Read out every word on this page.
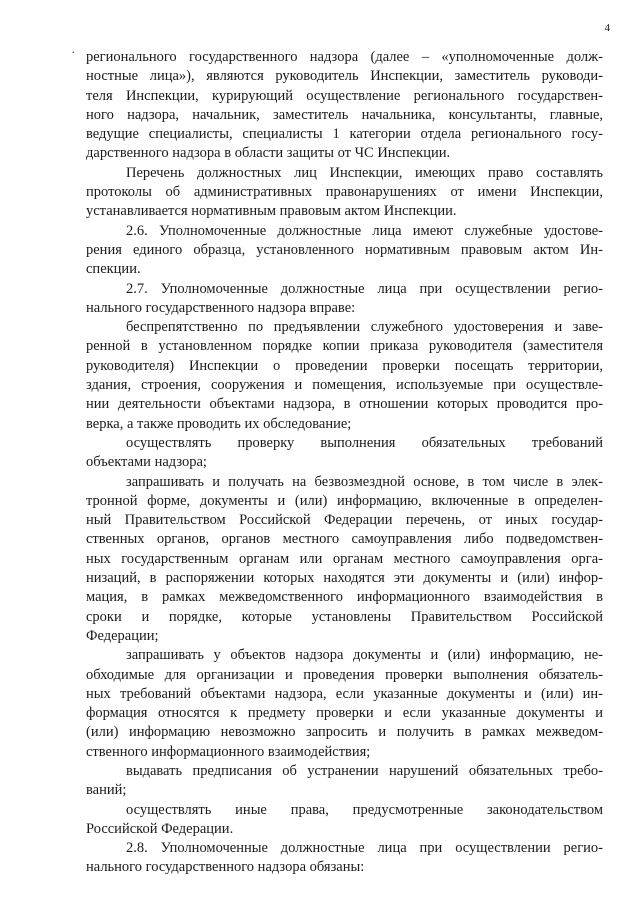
4
. регионального государственного надзора (далее – «уполномоченные долж-
ностные лица»), являются руководитель Инспекции, заместитель руководи-
теля Инспекции, курирующий осуществление регионального государствен-
ного надзора, начальник, заместитель начальника, консультанты, главные,
ведущие специалисты, специалисты 1 категории отдела регионального госу-
дарственного надзора в области защиты от ЧС Инспекции.
Перечень должностных лиц Инспекции, имеющих право составлять
протоколы об административных правонарушениях от имени Инспекции,
устанавливается нормативным правовым актом Инспекции.
2.6. Уполномоченные должностные лица имеют служебные удостове-
рения единого образца, установленного нормативным правовым актом Ин-
спекции.
2.7. Уполномоченные должностные лица при осуществлении регио-
нального государственного надзора вправе:
беспрепятственно по предъявлении служебного удостоверения и заве-
ренной в установленном порядке копии приказа руководителя (заместителя
руководителя) Инспекции о проведении проверки посещать территории,
здания, строения, сооружения и помещения, используемые при осуществле-
нии деятельности объектами надзора, в отношении которых проводится про-
верка, а также проводить их обследование;
осуществлять проверку выполнения обязательных требований
объектами надзора;
запрашивать и получать на безвозмездной основе, в том числе в элек-
тронной форме, документы и (или) информацию, включенные в определен-
ный Правительством Российской Федерации перечень, от иных государ-
ственных органов, органов местного самоуправления либо подведомствен-
ных государственным органам или органам местного самоуправления орга-
низаций, в распоряжении которых находятся эти документы и (или) инфор-
мация, в рамках межведомственного информационного взаимодействия в
сроки и порядке, которые установлены Правительством Российской
Федерации;
запрашивать у объектов надзора документы и (или) информацию, не-
обходимые для организации и проведения проверки выполнения обязатель-
ных требований объектами надзора, если указанные документы и (или) ин-
формация относятся к предмету проверки и если указанные документы и
(или) информацию невозможно запросить и получить в рамках межведом-
ственного информационного взаимодействия;
выдавать предписания об устранении нарушений обязательных требо-
ваний;
осуществлять иные права, предусмотренные законодательством
Российской Федерации.
2.8. Уполномоченные должностные лица при осуществлении регио-
нального государственного надзора обязаны:
